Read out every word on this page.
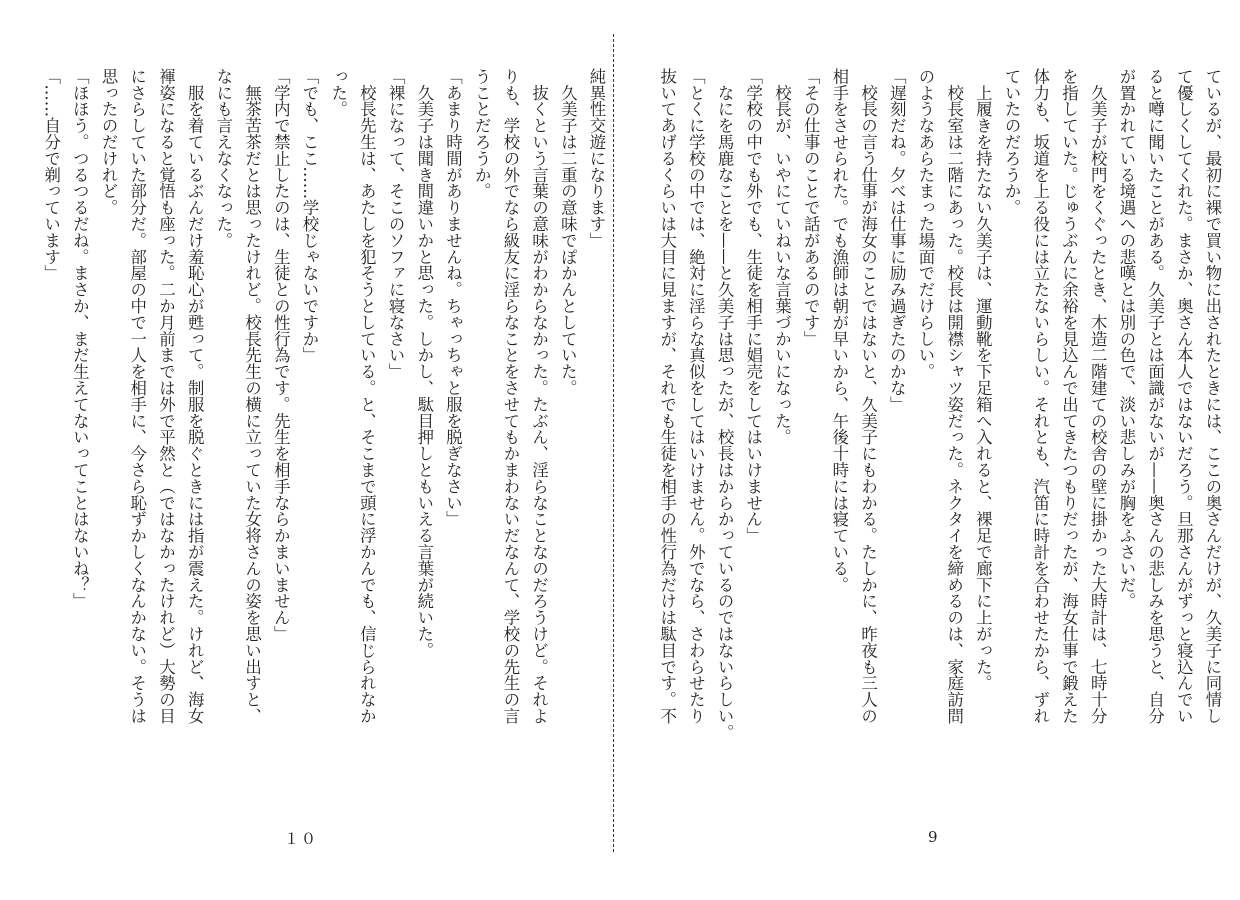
ているが、最初に裸で買い物に出されたときには、ここの奥さんだけが、久美子に同情し
て優しくしてくれた。まさか、奥さん本人ではないだろう。旦那さんがずっと寝込んでい
ると噂に聞いたことがある。久美子とは面識がないが——奥さんの悲しみを思うと、自分
が置かれている境遇への悲嘆とは別の色で、淡い悲しみが胸をふさいだ。
　久美子が校門をくぐったとき、木造二階建ての校舎の壁に掛かった大時計は、七時十分
を指していた。じゅうぶんに余裕を見込んで出てきたつもりだったが、海女仕事で鍛えた
体力も、坂道を上る役には立たないらしい。それとも、汽笛に時計を合わせたから、ずれ
ていたのだろうか。
　上履きを持たない久美子は、運動靴を下足箱へ入れると、裸足で廊下に上がった。
　校長室は二階にあった。校長は開襟シャツ姿だった。ネクタイを締めるのは、家庭訪問
のようなあらたまった場面でだけらしい。
「遅刻だね。夕べは仕事に励み過ぎたのかな」
　校長の言う仕事が海女のことではないと、久美子にもわかる。たしかに、昨夜も三人の
相手をさせられた。でも漁師は朝が早いから、午後十時には寝ている。
「その仕事のことで話があるのです」
　校長が、いやにていねいな言葉づかいになった。
「学校の中でも外でも、生徒を相手に娼売をしてはいけません」
　なにを馬鹿なことを——と久美子は思ったが、校長はからかっているのではないらしい。
「とくに学校の中では、絶対に淫らな真似をしてはいけません。外でなら、さわらせたり
抜いてあげるくらいは大目に見ますが、それでも生徒を相手の性行為だけは駄目です。不
純異性交遊になります」
　久美子は二重の意味でぽかんとしていた。
　抜くという言葉の意味がわからなかった。たぶん、淫らなことなのだろうけど。それよ
りも、学校の外でなら級友に淫らなことをさせてもかまわないだなんて、学校の先生の言
うことだろうか。
「あまり時間がありませんね。ちゃっちゃと服を脱ぎなさい」
　久美子は聞き間違いかと思った。しかし、駄目押しともいえる言葉が続いた。
「裸になって、そこのソファに寝なさい」
　校長先生は、あたしを犯そうとしている。と、そこまで頭に浮かんでも、信じられなか
った。
「でも、ここ……学校じゃないですか」
「学内で禁止したのは、生徒との性行為です。先生を相手ならかまいません」
　無茶苦茶だとは思ったけれど。校長先生の横に立っていた女将さんの姿を思い出すと、
なにも言えなくなった。
　服を着ているぶんだけ羞恥心が甦って。制服を脱ぐときには指が震えた。けれど、海女
褌姿になると覚悟も座った。二か月前までは外で平然と（ではなかったけれど）大勢の目
にさらしていた部分だ。部屋の中で一人を相手に、今さら恥ずかしくなんかない。そうは
思ったのだけれど。
「ほほう。つるつるだね。まさか、まだ生えてないってことはないね？」
「……自分で剃っています」
１０	9
